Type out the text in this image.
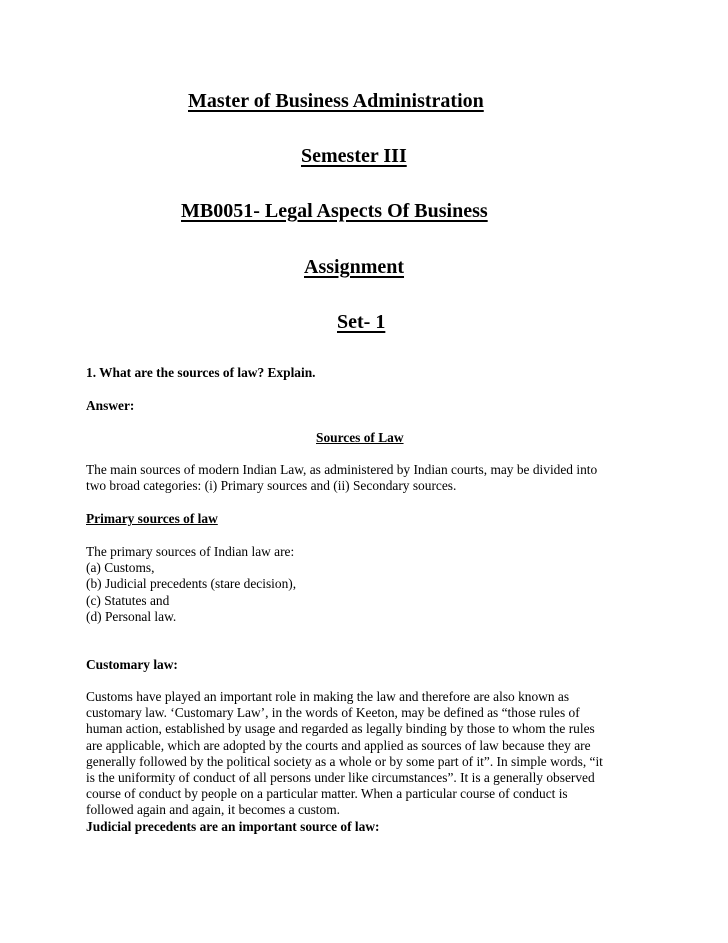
Master of Business Administration
Semester III
MB0051- Legal Aspects Of Business
Assignment
Set- 1
1. What are the sources of law? Explain.
Answer:
Sources of Law
The main sources of modern Indian Law, as administered by Indian courts, may be divided into
two broad categories: (i) Primary sources and (ii) Secondary sources.
Primary sources of law
The primary sources of Indian law are:
(a) Customs,
(b) Judicial precedents (stare decision),
(c) Statutes and
(d) Personal law.
Customary law:
Customs have played an important role in making the law and therefore are also known as
customary law. ‘Customary Law’, in the words of Keeton, may be defined as “those rules of
human action, established by usage and regarded as legally binding by those to whom the rules
are applicable, which are adopted by the courts and applied as sources of law because they are
generally followed by the political society as a whole or by some part of it”. In simple words, “it
is the uniformity of conduct of all persons under like circumstances”. It is a generally observed
course of conduct by people on a particular matter. When a particular course of conduct is
followed again and again, it becomes a custom.
Judicial precedents are an important source of law:
